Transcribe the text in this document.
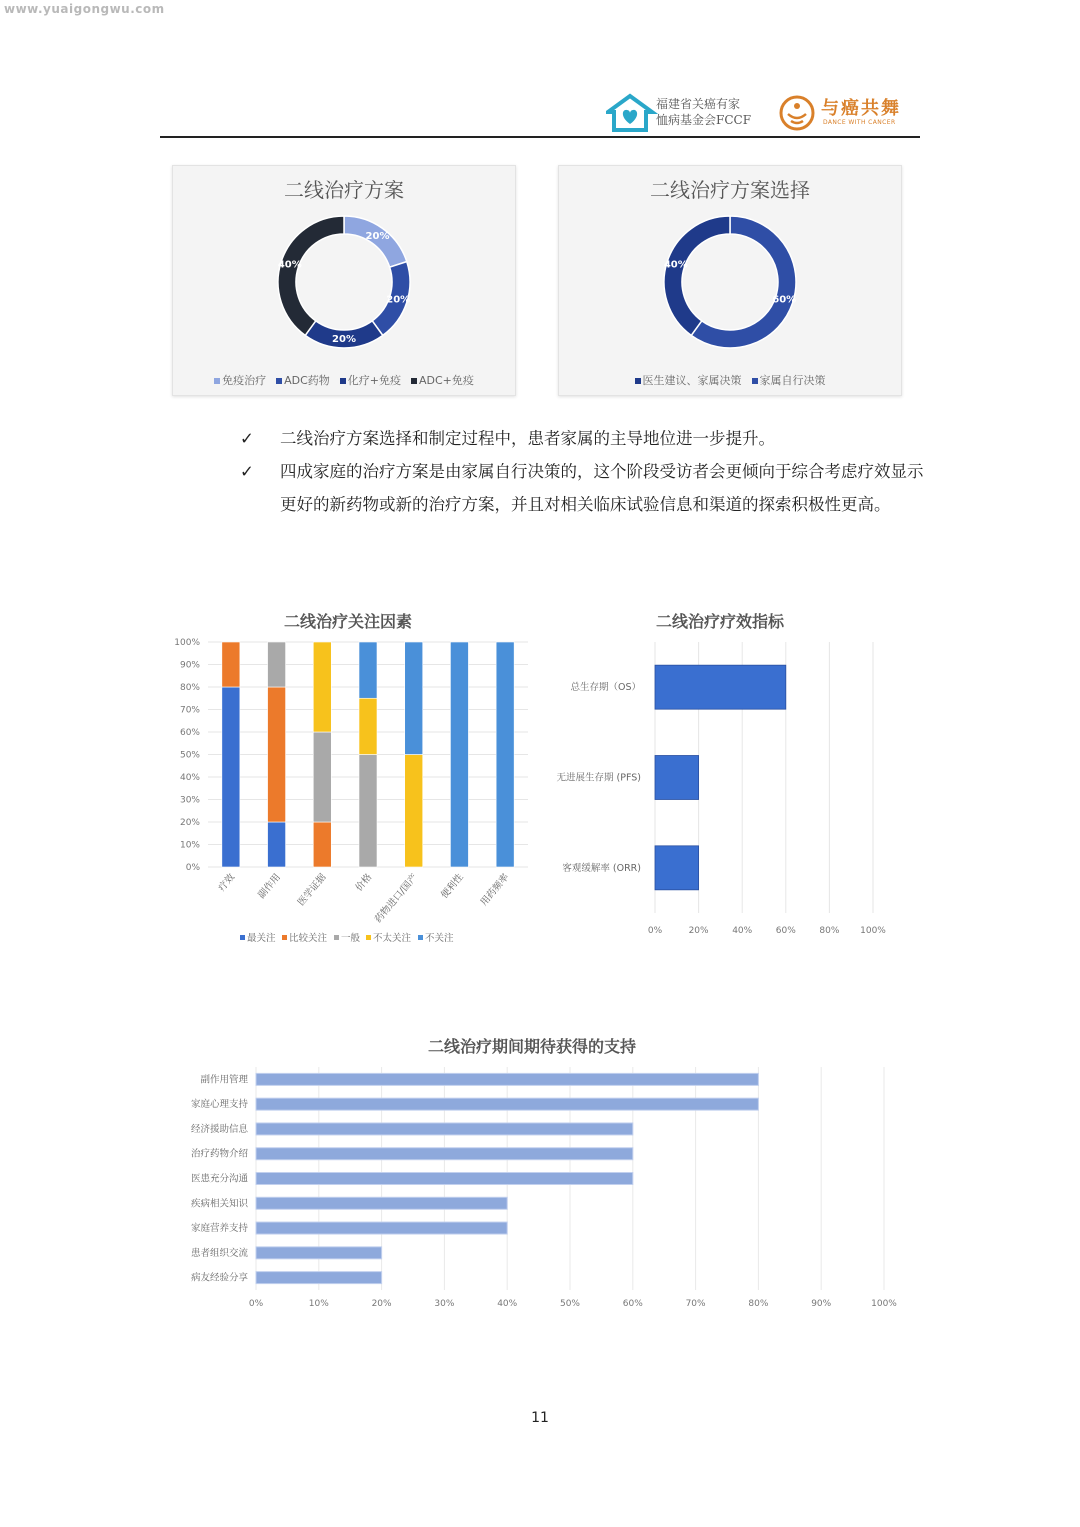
www.yuaigongwu.com
福建省关癌有家
恤病基金会FCCF
与癌共舞
DANCE WITH CANCER
二线治疗方案
20%
20%
20%
40%
免疫治疗 ADC药物 化疗+免疫 ADC+免疫
二线治疗方案选择
60%
40%
医生建议、家属决策 家属自行决策
✓ 二线治疗方案选择和制定过程中，患者家属的主导地位进一步提升。
✓ 四成家庭的治疗方案是由家属自行决策的，这个阶段受访者会更倾向于综合考虑疗效显示更好的新药物或新的治疗方案，并且对相关临床试验信息和渠道的探索积极性更高。
二线治疗关注因素
0%
10%
20%
30%
40%
50%
60%
70%
80%
90%
100%
疗效 副作用 医学证据	价格
药物进口/国产 便利性 用药频率
最关注 比较关注 一般 不太关注 不关注
二线治疗疗效指标
0%	20%	40%	60%	80% 100%
总生存期（OS）
无进展生存期 (PFS)
客观缓解率 (ORR)
二线治疗期间期待获得的支持
0%	10%	20%	30%	40%	50%	60%	70%	80%	90%	100%
副作用管理
家庭心理支持
经济援助信息
治疗药物介绍
医患充分沟通
疾病相关知识
家庭营养支持
患者组织交流
病友经验分享
11
